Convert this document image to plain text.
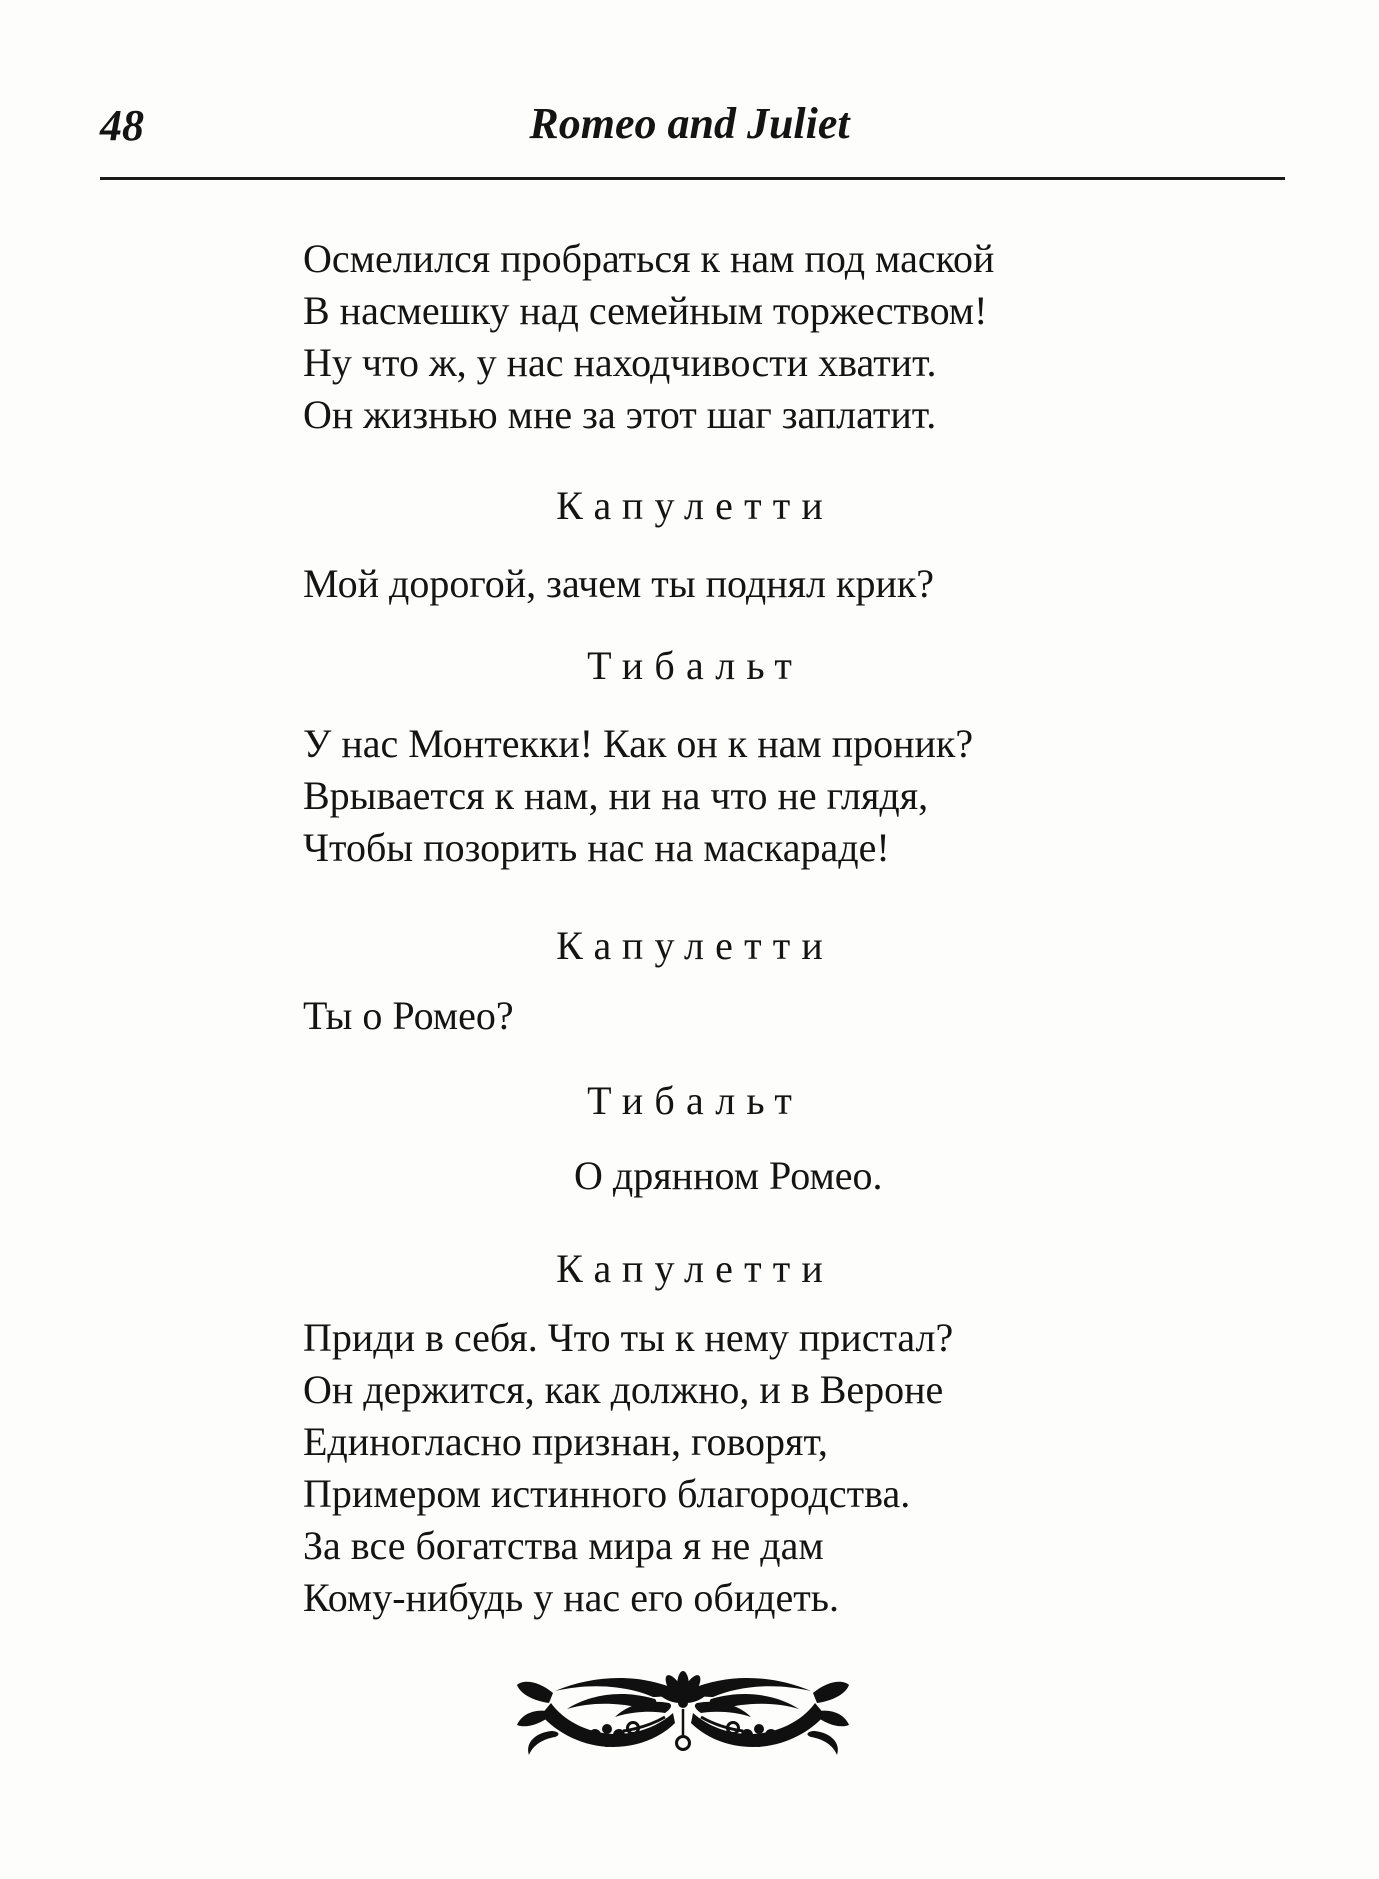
48	Romeo and Juliet
Осмелился пробраться к нам под маской
В насмешку над семейным торжеством!
Ну что ж, у нас находчивости хватит.
Он жизнью мне за этот шаг заплатит.
Капулетти
Мой дорогой, зачем ты поднял крик?
Тибальт
У нас Монтекки! Как он к нам проник?
Врывается к нам, ни на что не глядя,
Чтобы позорить нас на маскараде!
Капулетти
Ты о Ромео?
Тибальт
О дрянном Ромео.
Капулетти
Приди в себя. Что ты к нему пристал?
Он держится, как должно, и в Вероне
Единогласно признан, говорят,
Примером истинного благородства.
За все богатства мира я не дам
Кому-нибудь у нас его обидеть.
